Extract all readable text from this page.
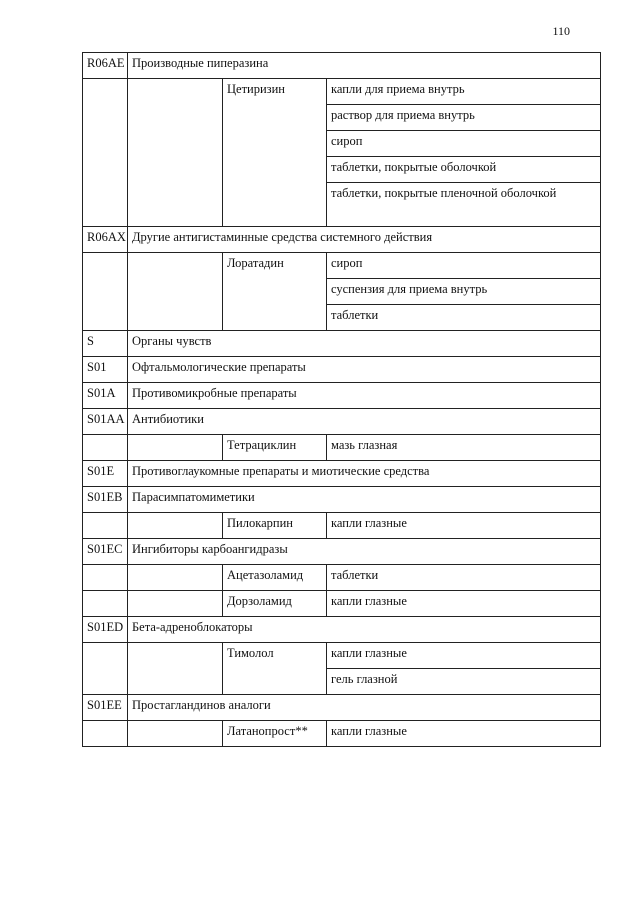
110
R06AE	Производные пиперазина		
		Цетиризин	капли для приема внутрь
			раствор для приема внутрь
			сироп
			таблетки, покрытые оболочкой
			таблетки, покрытые пленочной оболочкой
R06AX	Другие антигистаминные средства системного действия		
		Лоратадин	сироп
			суспензия для приема внутрь
			таблетки
S	Органы чувств		
S01	Офтальмологические препараты		
S01A	Противомикробные препараты		
S01AA	Антибиотики		
		Тетрациклин	мазь глазная
S01E	Противоглаукомные препараты и миотические средства		
S01EB	Парасимпатомиметики		
		Пилокарпин	капли глазные
S01EC	Ингибиторы карбоангидразы		
		Ацетазоламид	таблетки
		Дорзоламид	капли глазные
S01ED	Бета-адреноблокаторы		
		Тимолол	капли глазные
			гель глазной
S01EE	Простагландинов аналоги		
		Латанопрост**	капли глазные
